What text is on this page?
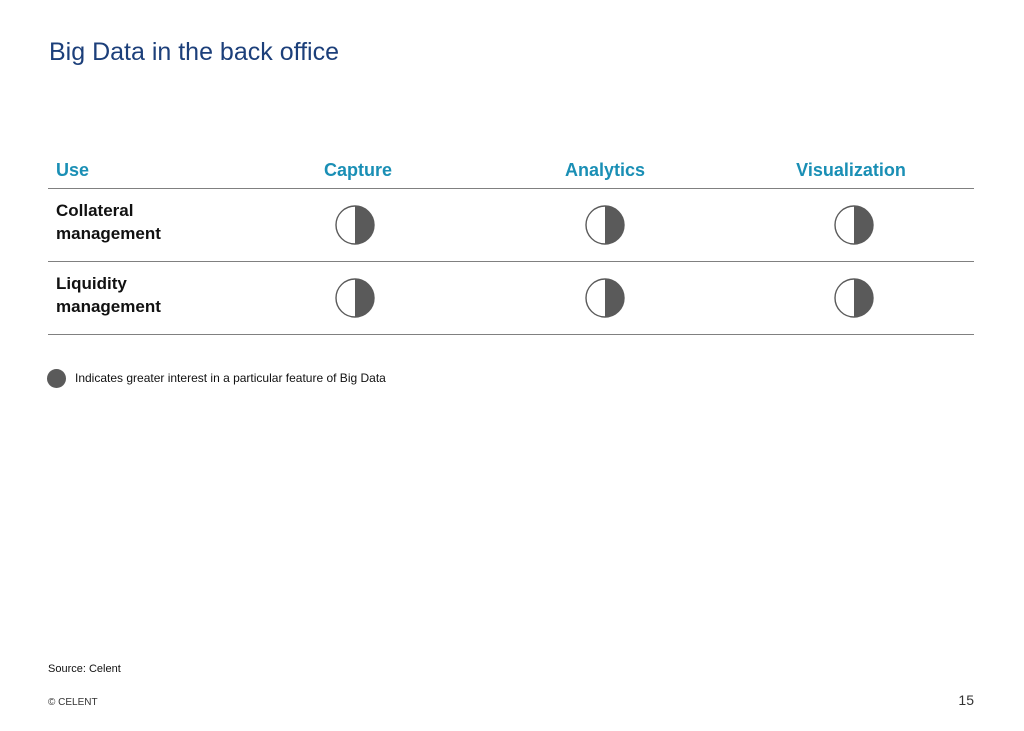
Big Data in the back office
Use	Capture	Analytics	Visualization
Collateral
management
Liquidity
management
Indicates greater interest in a particular feature of Big Data
Source: Celent
© CELENT	15
